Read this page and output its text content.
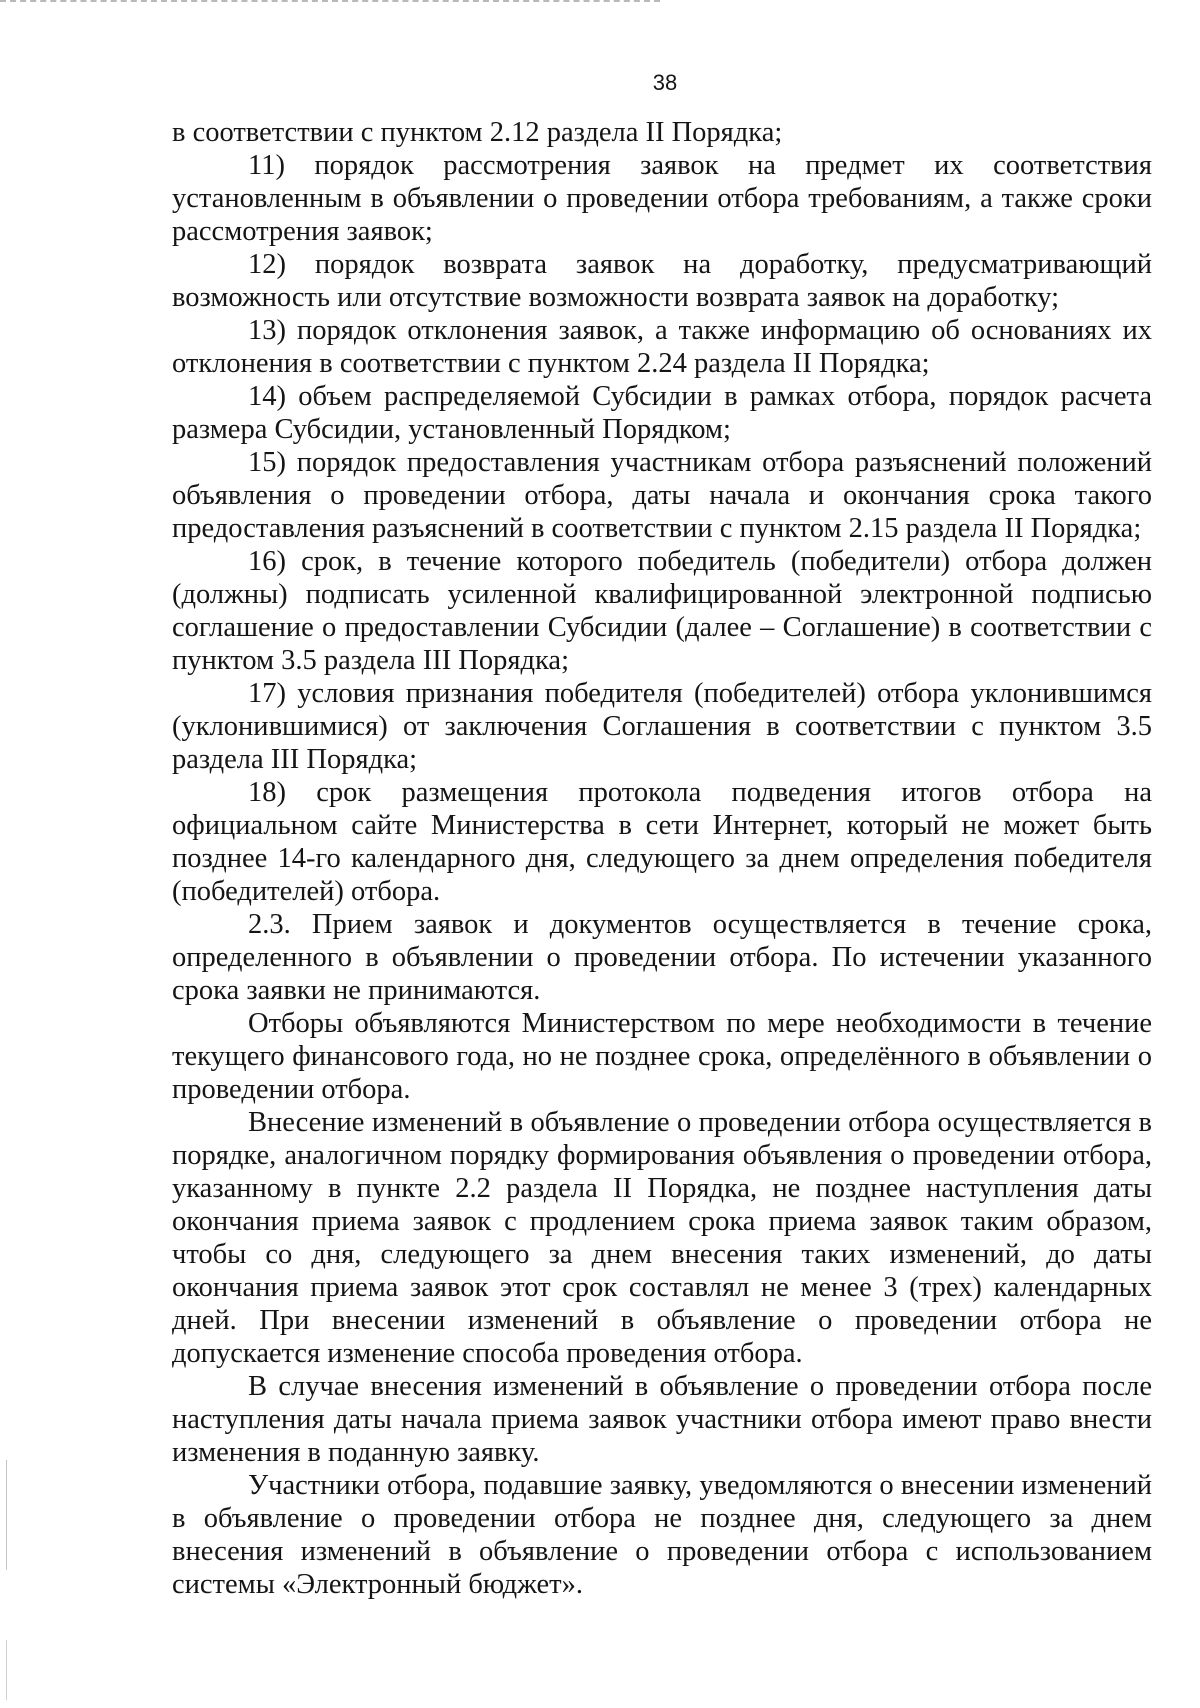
38

в соответствии с пунктом 2.12 раздела II Порядка;

11) порядок рассмотрения заявок на предмет их соответствия установленным в объявлении о проведении отбора требованиям, а также сроки рассмотрения заявок;

12) порядок возврата заявок на доработку, предусматривающий возможность или отсутствие возможности возврата заявок на доработку;

13) порядок отклонения заявок, а также информацию об основаниях их отклонения в соответствии с пунктом 2.24 раздела II Порядка;

14) объем распределяемой Субсидии в рамках отбора, порядок расчета размера Субсидии, установленный Порядком;

15) порядок предоставления участникам отбора разъяснений положений объявления о проведении отбора, даты начала и окончания срока такого предоставления разъяснений в соответствии с пунктом 2.15 раздела II Порядка;

16) срок, в течение которого победитель (победители) отбора должен (должны) подписать усиленной квалифицированной электронной подписью соглашение о предоставлении Субсидии (далее – Соглашение) в соответствии с пунктом 3.5 раздела III Порядка;

17) условия признания победителя (победителей) отбора уклонившимся (уклонившимися) от заключения Соглашения в соответствии с пунктом 3.5 раздела III Порядка;

18) срок размещения протокола подведения итогов отбора на официальном сайте Министерства в сети Интернет, который не может быть позднее 14-го календарного дня, следующего за днем определения победителя (победителей) отбора.

2.3. Прием заявок и документов осуществляется в течение срока, определенного в объявлении о проведении отбора. По истечении указанного срока заявки не принимаются.

Отборы объявляются Министерством по мере необходимости в течение текущего финансового года, но не позднее срока, определённого в объявлении о проведении отбора.

Внесение изменений в объявление о проведении отбора осуществляется в порядке, аналогичном порядку формирования объявления о проведении отбора, указанному в пункте 2.2 раздела II Порядка, не позднее наступления даты окончания приема заявок с продлением срока приема заявок таким образом, чтобы со дня, следующего за днем внесения таких изменений, до даты окончания приема заявок этот срок составлял не менее 3 (трех) календарных дней. При внесении изменений в объявление о проведении отбора не допускается изменение способа проведения отбора.

В случае внесения изменений в объявление о проведении отбора после наступления даты начала приема заявок участники отбора имеют право внести изменения в поданную заявку.

Участники отбора, подавшие заявку, уведомляются о внесении изменений в объявление о проведении отбора не позднее дня, следующего за днем внесения изменений в объявление о проведении отбора с использованием системы «Электронный бюджет».
